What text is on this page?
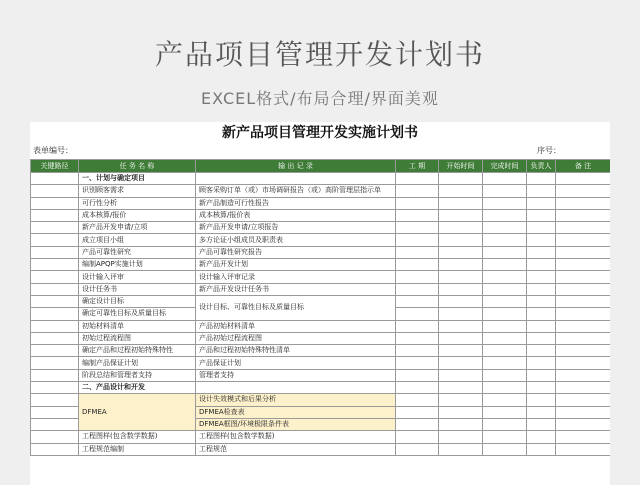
产品项目管理开发计划书
EXCEL格式/布局合理/界面美观
新产品项目管理开发实施计划书
表单编号：	序号：
关键路径	任 务 名 称	输 出 记 录	工 期	开始时间	完成时间	负责人	备 注
	一、计划与确定项目						
	识别顾客需求	顾客采购订单（或）市场调研报告（或）高阶管理层指示单					
	可行性分析	新产品制造可行性报告					
	成本核算/报价	成本核算/报价表					
	新产品开发申请/立项	新产品开发申请/立项报告					
	成立项目小组	多方论证小组成员及职责表					
	产品可靠性研究	产品可靠性研究报告					
	编制APQP实施计划	新产品开发计划					
	设计输入评审	设计输入评审记录					
	设计任务书	新产品开发设计任务书					
	确定设计目标	设计目标、可靠性目标及质量目标					
	确定可靠性目标及质量目标						
	初始材料清单	产品初始材料清单					
	初始过程流程图	产品初始过程流程图					
	确定产品和过程初始特殊特性	产品和过程初始特殊特性清单					
	编制产品保证计划	产品保证计划					
	阶段总结和管理者支持	管理者支持					
	二、产品设计和开发						
	DFMEA	设计失效模式和后果分析					
		DFMEA检查表					
		DFMEA框图/环境极限条件表					
	工程图样(包含数学数据)	工程图样(包含数学数据)					
	工程规范编制	工程规范					
